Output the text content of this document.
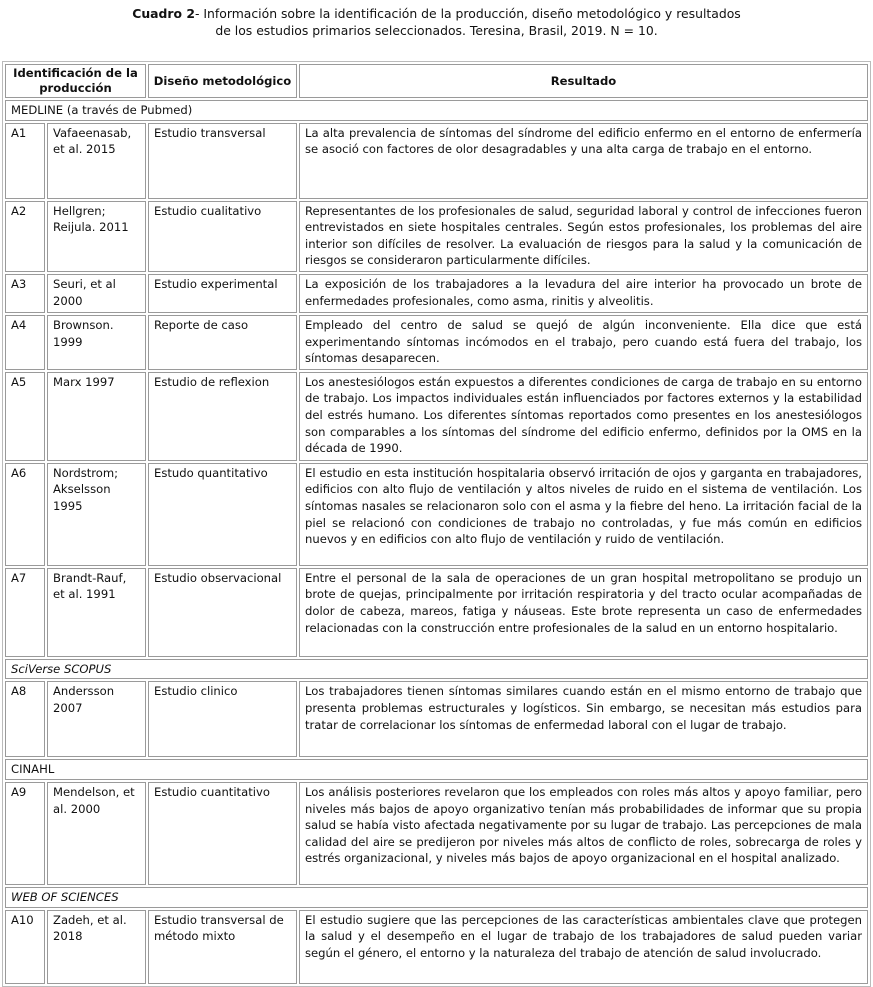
Cuadro 2- Información sobre la identificación de la producción, diseño metodológico y resultados
de los estudios primarios seleccionados. Teresina, Brasil, 2019. N = 10.
Identificación de la producción		Diseño metodológico	Resultado
MEDLINE (a través de Pubmed)			
A1	Vafaeenasab, et al. 2015	Estudio transversal	La alta prevalencia de síntomas del síndrome del edificio enfermo en el entorno de enfermería se asoció con factores de olor desagradables y una alta carga de trabajo en el entorno.
A2	Hellgren; Reijula. 2011	Estudio cualitativo	Representantes de los profesionales de salud, seguridad laboral y control de infecciones fueron entrevistados en siete hospitales centrales. Según estos profesionales, los problemas del aire interior son difíciles de resolver. La evaluación de riesgos para la salud y la comunicación de riesgos se consideraron particularmente difíciles.
A3	Seuri, et al 2000	Estudio experimental	La exposición de los trabajadores a la levadura del aire interior ha provocado un brote de enfermedades profesionales, como asma, rinitis y alveolitis.
A4	Brownson. 1999	Reporte de caso	Empleado del centro de salud se quejó de algún inconveniente. Ella dice que está experimentando síntomas incómodos en el trabajo, pero cuando está fuera del trabajo, los síntomas desaparecen.
A5	Marx 1997	Estudio de reflexion	Los anestesiólogos están expuestos a diferentes condiciones de carga de trabajo en su entorno de trabajo. Los impactos individuales están influenciados por factores externos y la estabilidad del estrés humano. Los diferentes síntomas reportados como presentes en los anestesiólogos son comparables a los síntomas del síndrome del edificio enfermo, definidos por la OMS en la década de 1990.
A6	Nordstrom; Akselsson 1995	Estudo quantitativo	El estudio en esta institución hospitalaria observó irritación de ojos y garganta en trabajadores, edificios con alto flujo de ventilación y altos niveles de ruido en el sistema de ventilación. Los síntomas nasales se relacionaron solo con el asma y la fiebre del heno. La irritación facial de la piel se relacionó con condiciones de trabajo no controladas, y fue más común en edificios nuevos y en edificios con alto flujo de ventilación y ruido de ventilación.
A7	Brandt-Rauf, et al. 1991	Estudio observacional	Entre el personal de la sala de operaciones de un gran hospital metropolitano se produjo un brote de quejas, principalmente por irritación respiratoria y del tracto ocular acompañadas de dolor de cabeza, mareos, fatiga y náuseas. Este brote representa un caso de enfermedades relacionadas con la construcción entre profesionales de la salud en un entorno hospitalario.
SciVerse SCOPUS			
A8	Andersson 2007	Estudio clinico	Los trabajadores tienen síntomas similares cuando están en el mismo entorno de trabajo que presenta problemas estructurales y logísticos. Sin embargo, se necesitan más estudios para tratar de correlacionar los síntomas de enfermedad laboral con el lugar de trabajo.
CINAHL			
A9	Mendelson, et al. 2000	Estudio cuantitativo	Los análisis posteriores revelaron que los empleados con roles más altos y apoyo familiar, pero niveles más bajos de apoyo organizativo tenían más probabilidades de informar que su propia salud se había visto afectada negativamente por su lugar de trabajo. Las percepciones de mala calidad del aire se predijeron por niveles más altos de conflicto de roles, sobrecarga de roles y estrés organizacional, y niveles más bajos de apoyo organizacional en el hospital analizado.
WEB OF SCIENCES			
A10	Zadeh, et al. 2018	Estudio transversal de método mixto	El estudio sugiere que las percepciones de las características ambientales clave que protegen la salud y el desempeño en el lugar de trabajo de los trabajadores de salud pueden variar según el género, el entorno y la naturaleza del trabajo de atención de salud involucrado.
